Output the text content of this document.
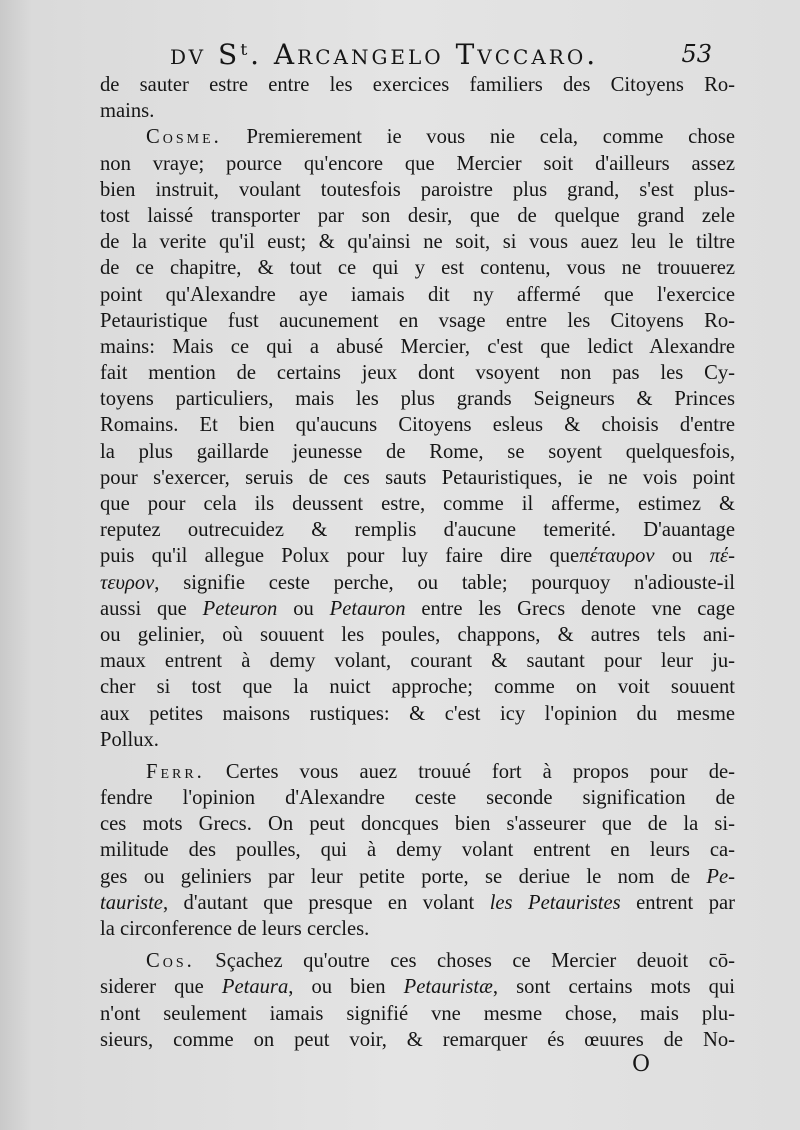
dv Sᵗ. Arcangelo Tvccaro.	53
de sauter estre entre les exercices familiers des Citoyens Ro-
mains.
Cosme. Premierement ie vous nie cela, comme chose
non vraye; pource qu'encore que Mercier soit d'ailleurs assez
bien instruit, voulant toutesfois paroistre plus grand, s'est plus-
tost laissé transporter par son desir, que de quelque grand zele
de la verite qu'il eust; & qu'ainsi ne soit, si vous auez leu le tiltre
de ce chapitre, & tout ce qui y est contenu, vous ne trouuerez
point qu'Alexandre aye iamais dit ny affermé que l'exercice
Petauristique fust aucunement en vsage entre les Citoyens Ro-
mains: Mais ce qui a abusé Mercier, c'est que ledict Alexandre
fait mention de certains jeux dont vsoyent non pas les Cy-
toyens particuliers, mais les plus grands Seigneurs & Princes
Romains. Et bien qu'aucuns Citoyens esleus & choisis d'entre
la plus gaillarde jeunesse de Rome, se soyent quelquesfois,
pour s'exercer, seruis de ces sauts Petauristiques, ie ne vois point
que pour cela ils deussent estre, comme il afferme, estimez &
reputez outrecuidez & remplis d'aucune temerité. D'auantage
puis qu'il allegue Polux pour luy faire dire queπέταυρον ou πέ-
τευρον, signifie ceste perche, ou table; pourquoy n'adiouste-il
aussi que Peteuron ou Petauron entre les Grecs denote vne cage
ou gelinier, où souuent les poules, chappons, & autres tels ani-
maux entrent à demy volant, courant & sautant pour leur ju-
cher si tost que la nuict approche; comme on voit souuent
aux petites maisons rustiques: & c'est icy l'opinion du mesme
Pollux.
Ferr. Certes vous auez trouué fort à propos pour de-
fendre l'opinion d'Alexandre ceste seconde signification de
ces mots Grecs. On peut doncques bien s'asseurer que de la si-
militude des poulles, qui à demy volant entrent en leurs ca-
ges ou geliniers par leur petite porte, se deriue le nom de Pe-
tauriste, d'autant que presque en volant les Petauristes entrent par
la circonference de leurs cercles.
Cos. Sçachez qu'outre ces choses ce Mercier deuoit cō-
siderer que Petaura, ou bien Petauristæ, sont certains mots qui
n'ont seulement iamais signifié vne mesme chose, mais plu-
sieurs, comme on peut voir, & remarquer és œuures de No-
O
